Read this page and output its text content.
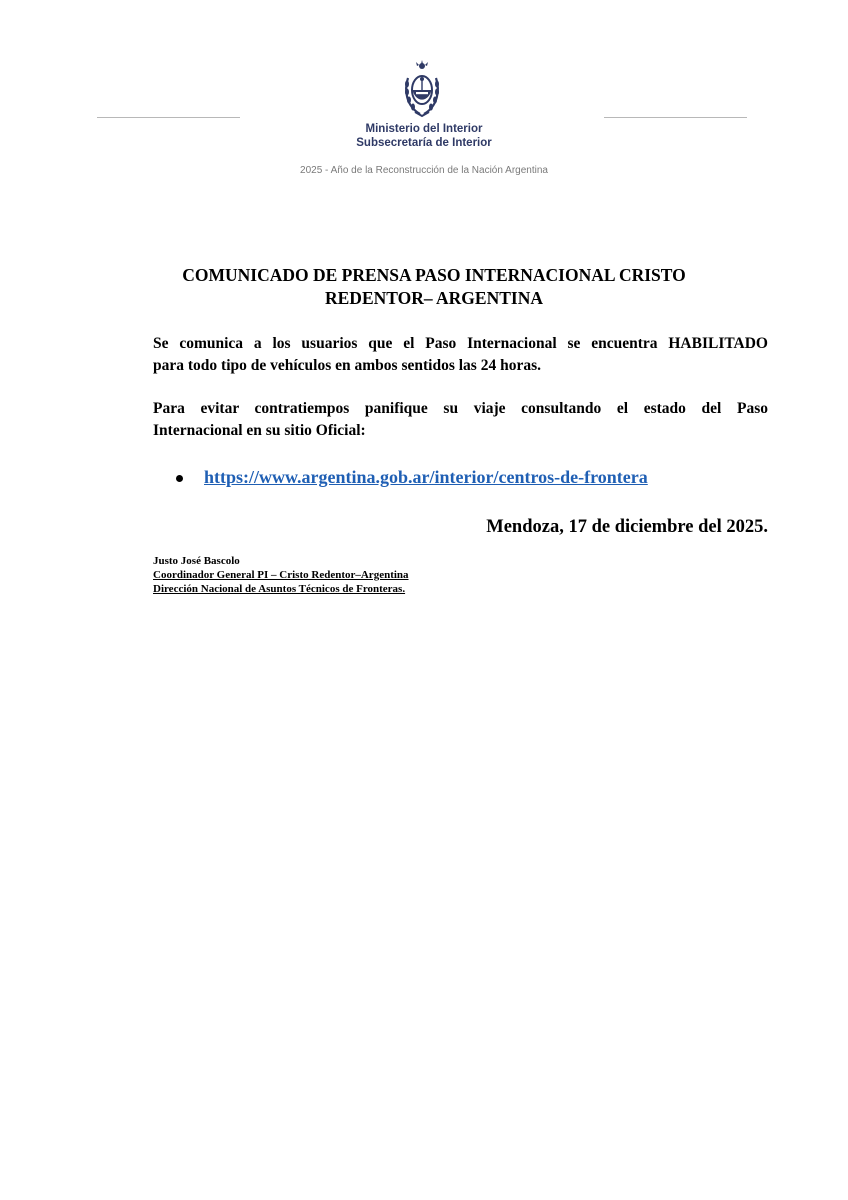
Ministerio del Interior
Subsecretaría de Interior
2025 - Año de la Reconstrucción de la Nación Argentina
COMUNICADO DE PRENSA PASO INTERNACIONAL CRISTO
REDENTOR– ARGENTINA
Se comunica a los usuarios que el Paso Internacional se encuentra HABILITADO
para todo tipo de vehículos en ambos sentidos las 24 horas.
Para evitar contratiempos panifique su viaje consultando el estado del Paso
Internacional en su sitio Oficial:
https://www.argentina.gob.ar/interior/centros-de-frontera
Mendoza, 17 de diciembre del 2025.
Justo José Bascolo
Coordinador General PI – Cristo Redentor–Argentina
Dirección Nacional de Asuntos Técnicos de Fronteras.
